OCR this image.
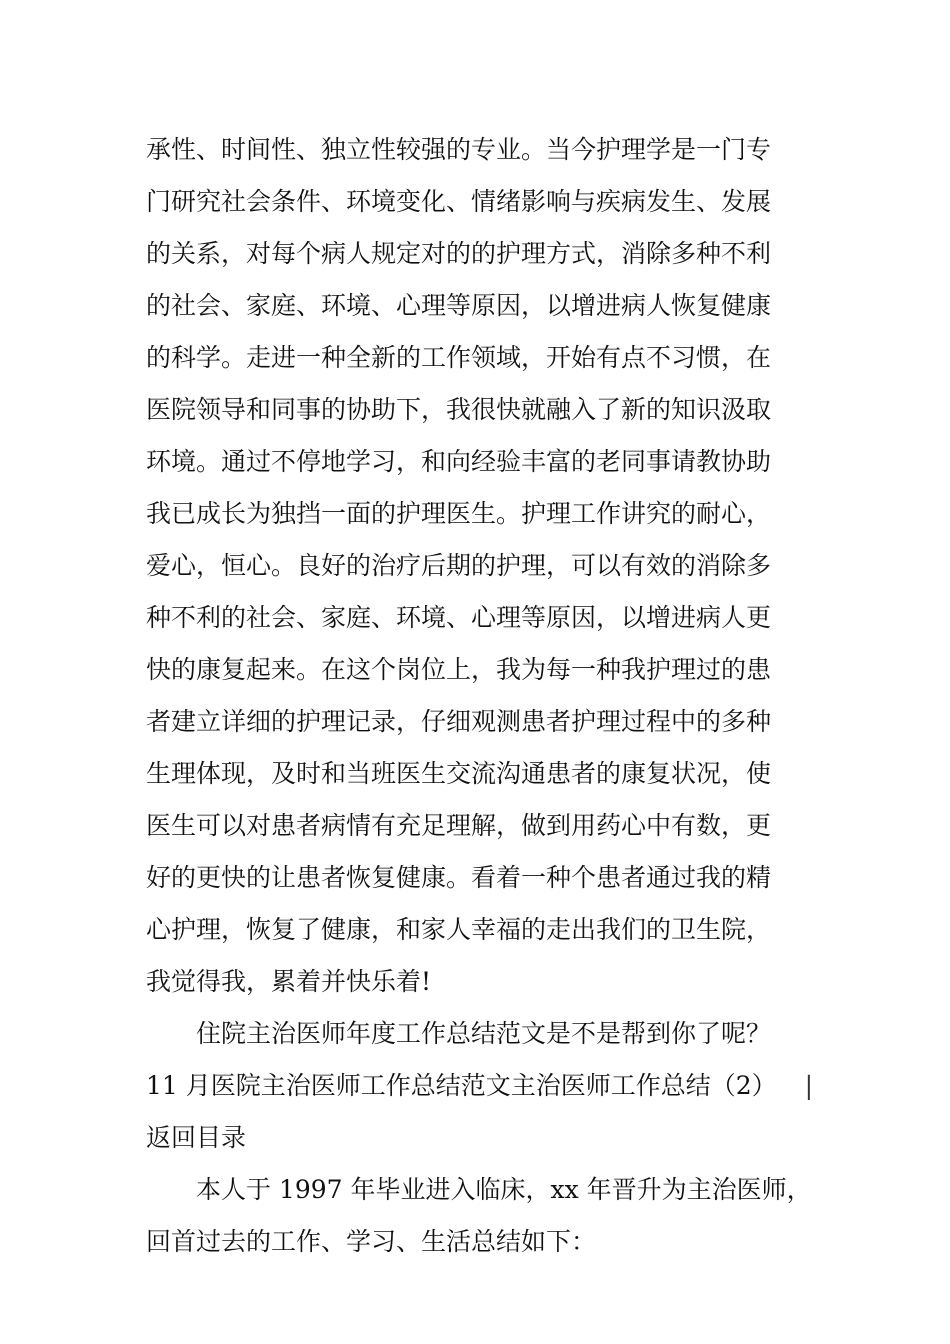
承性、时间性、独立性较强的专业。当今护理学是一门专
门研究社会条件、环境变化、情绪影响与疾病发生、发展
的关系，对每个病人规定对的的护理方式，消除多种不利
的社会、家庭、环境、心理等原因，以增进病人恢复健康
的科学。走进一种全新的工作领域，开始有点不习惯，在
医院领导和同事的协助下，我很快就融入了新的知识汲取
环境。通过不停地学习，和向经验丰富的老同事请教协助
我已成长为独挡一面的护理医生。护理工作讲究的耐心，
爱心，恒心。良好的治疗后期的护理，可以有效的消除多
种不利的社会、家庭、环境、心理等原因，以增进病人更
快的康复起来。在这个岗位上，我为每一种我护理过的患
者建立详细的护理记录，仔细观测患者护理过程中的多种
生理体现，及时和当班医生交流沟通患者的康复状况，使
医生可以对患者病情有充足理解，做到用药心中有数，更
好的更快的让患者恢复健康。看着一种个患者通过我的精
心护理，恢复了健康，和家人幸福的走出我们的卫生院，
我觉得我，累着并快乐着!
住院主治医师年度工作总结范文是不是帮到你了呢？
11 月医院主治医师工作总结范文主治医师工作总结（2） |
返回目录
本人于 1997 年毕业进入临床，xx 年晋升为主治医师，
回首过去的工作、学习、生活总结如下：
